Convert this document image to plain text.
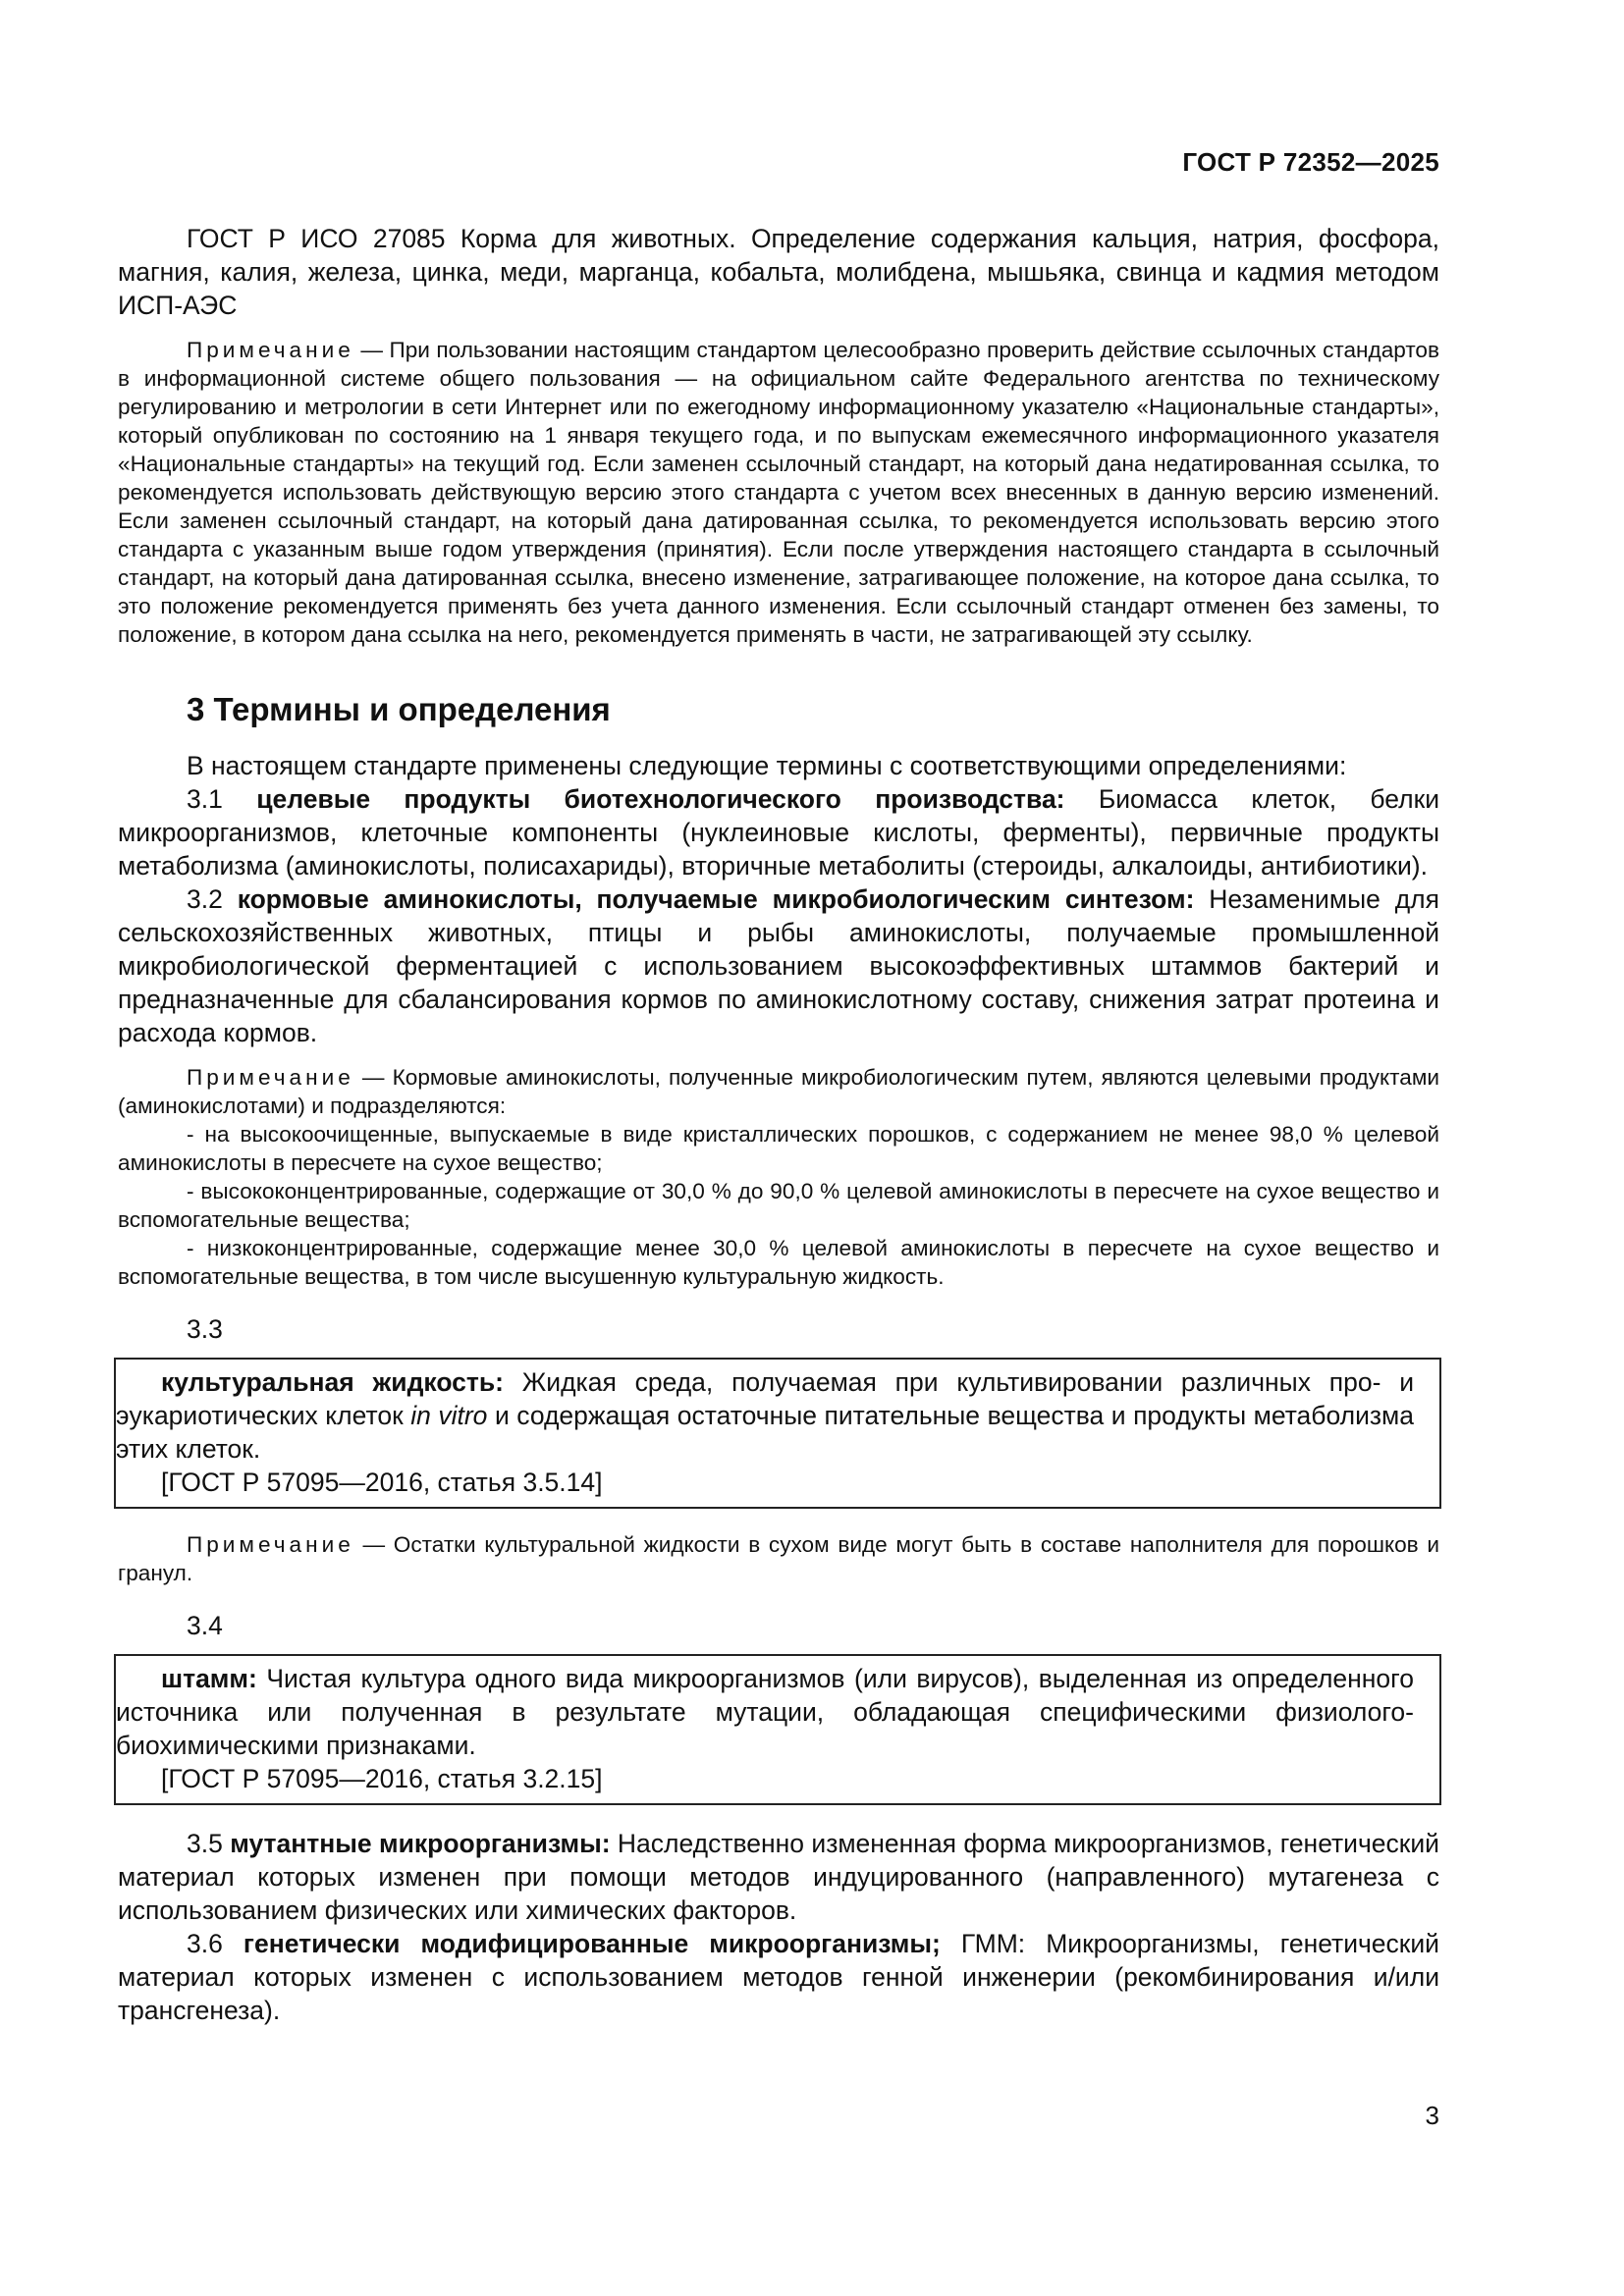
ГОСТ Р 72352—2025

ГОСТ Р ИСО 27085 Корма для животных. Определение содержания кальция, натрия, фосфора, магния, калия, железа, цинка, меди, марганца, кобальта, молибдена, мышьяка, свинца и кадмия методом ИСП-АЭС

Примечание — При пользовании настоящим стандартом целесообразно проверить действие ссылочных стандартов в информационной системе общего пользования — на официальном сайте Федерального агентства по техническому регулированию и метрологии в сети Интернет или по ежегодному информационному указателю «Национальные стандарты», который опубликован по состоянию на 1 января текущего года, и по выпускам ежемесячного информационного указателя «Национальные стандарты» на текущий год. Если заменен ссылочный стандарт, на который дана недатированная ссылка, то рекомендуется использовать действующую версию этого стандарта с учетом всех внесенных в данную версию изменений. Если заменен ссылочный стандарт, на который дана датированная ссылка, то рекомендуется использовать версию этого стандарта с указанным выше годом утверждения (принятия). Если после утверждения настоящего стандарта в ссылочный стандарт, на который дана датированная ссылка, внесено изменение, затрагивающее положение, на которое дана ссылка, то это положение рекомендуется применять без учета данного изменения. Если ссылочный стандарт отменен без замены, то положение, в котором дана ссылка на него, рекомендуется применять в части, не затрагивающей эту ссылку.

3 Термины и определения

В настоящем стандарте применены следующие термины с соответствующими определениями:

3.1 целевые продукты биотехнологического производства: Биомасса клеток, белки микроорганизмов, клеточные компоненты (нуклеиновые кислоты, ферменты), первичные продукты метаболизма (аминокислоты, полисахариды), вторичные метаболиты (стероиды, алкалоиды, антибиотики).

3.2 кормовые аминокислоты, получаемые микробиологическим синтезом: Незаменимые для сельскохозяйственных животных, птицы и рыбы аминокислоты, получаемые промышленной микробиологической ферментацией с использованием высокоэффективных штаммов бактерий и предназначенные для сбалансирования кормов по аминокислотному составу, снижения затрат протеина и расхода кормов.

Примечание — Кормовые аминокислоты, полученные микробиологическим путем, являются целевыми продуктами (аминокислотами) и подразделяются:

- на высокоочищенные, выпускаемые в виде кристаллических порошков, с содержанием не менее 98,0 % целевой аминокислоты в пересчете на сухое вещество;

- высококонцентрированные, содержащие от 30,0 % до 90,0 % целевой аминокислоты в пересчете на сухое вещество и вспомогательные вещества;

- низкоконцентрированные, содержащие менее 30,0 % целевой аминокислоты в пересчете на сухое вещество и вспомогательные вещества, в том числе высушенную культуральную жидкость.

3.3

культуральная жидкость: Жидкая среда, получаемая при культивировании различных про- и эукариотических клеток in vitro и содержащая остаточные питательные вещества и продукты метаболизма этих клеток.

[ГОСТ Р 57095—2016, статья 3.5.14]

Примечание — Остатки культуральной жидкости в сухом виде могут быть в составе наполнителя для порошков и гранул.

3.4

штамм: Чистая культура одного вида микроорганизмов (или вирусов), выделенная из определенного источника или полученная в результате мутации, обладающая специфическими физиолого-биохимическими признаками.

[ГОСТ Р 57095—2016, статья 3.2.15]

3.5 мутантные микроорганизмы: Наследственно измененная форма микроорганизмов, генетический материал которых изменен при помощи методов индуцированного (направленного) мутагенеза с использованием физических или химических факторов.

3.6 генетически модифицированные микроорганизмы; ГММ: Микроорганизмы, генетический материал которых изменен с использованием методов генной инженерии (рекомбинирования и/или трансгенеза).

3
